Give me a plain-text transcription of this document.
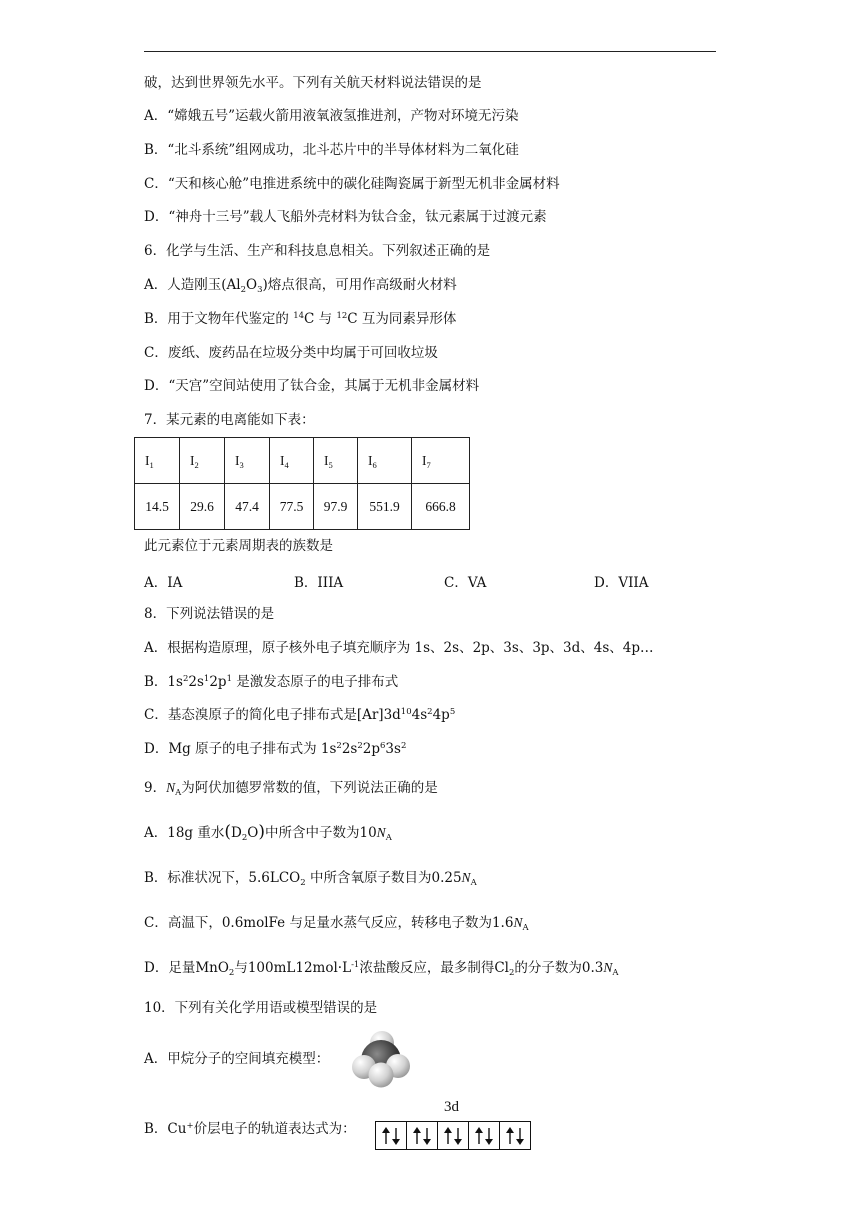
破，达到世界领先水平。下列有关航天材料说法错误的是
A．“嫦娥五号”运载火箭用液氧液氢推进剂，产物对环境无污染
B．“北斗系统”组网成功，北斗芯片中的半导体材料为二氧化硅
C．“天和核心舱”电推进系统中的碳化硅陶瓷属于新型无机非金属材料
D．“神舟十三号”载人飞船外壳材料为钛合金，钛元素属于过渡元素
6．化学与生活、生产和科技息息相关。下列叙述正确的是
A．人造刚玉$(Al_2O_3)$熔点很高，可用作高级耐火材料
B．用于文物年代鉴定的 $^{14}$C 与 $^{12}$C 互为同素异形体
C．废纸、废药品在垃圾分类中均属于可回收垃圾
D．“天宫”空间站使用了钛合金，其属于无机非金属材料
7．某元素的电离能如下表：
$I_1$	$I_2$	$I_3$	$I_4$	$I_5$	$I_6$	$I_7$
14.5	29.6	47.4	77.5	97.9	551.9	666.8
此元素位于元素周期表的族数是
A．IA	B．IIIA	C．VA	D．VIIA
8．下列说法错误的是
A．根据构造原理，原子核外电子填充顺序为 1s、2s、2p、3s、3p、3d、4s、4p…
B．$1s^22s^12p^1$ 是激发态原子的电子排布式
C．基态溴原子的简化电子排布式是$[Ar]3d^{10}4s^24p^5$
D．Mg 原子的电子排布式为 $1s^22s^22p^63s^2$
9．$N_A$为阿伏加德罗常数的值，下列说法正确的是
A．18g 重水$(D_2O)$中所含中子数为$10N_A$
B．标准状况下，$5.6LCO_2$ 中所含氧原子数目为$0.25N_A$
C．高温下，0.6molFe 与足量水蒸气反应，转移电子数为$1.6N_A$
D．足量MnO$_2$与$100mL12mol\cdot L^{-1}$浓盐酸反应，最多制得$Cl_2$的分子数为$0.3N_A$
10．下列有关化学用语或模型错误的是
A．甲烷分子的空间填充模型：
B．Cu+价层电子的轨道表达式为：
3d
